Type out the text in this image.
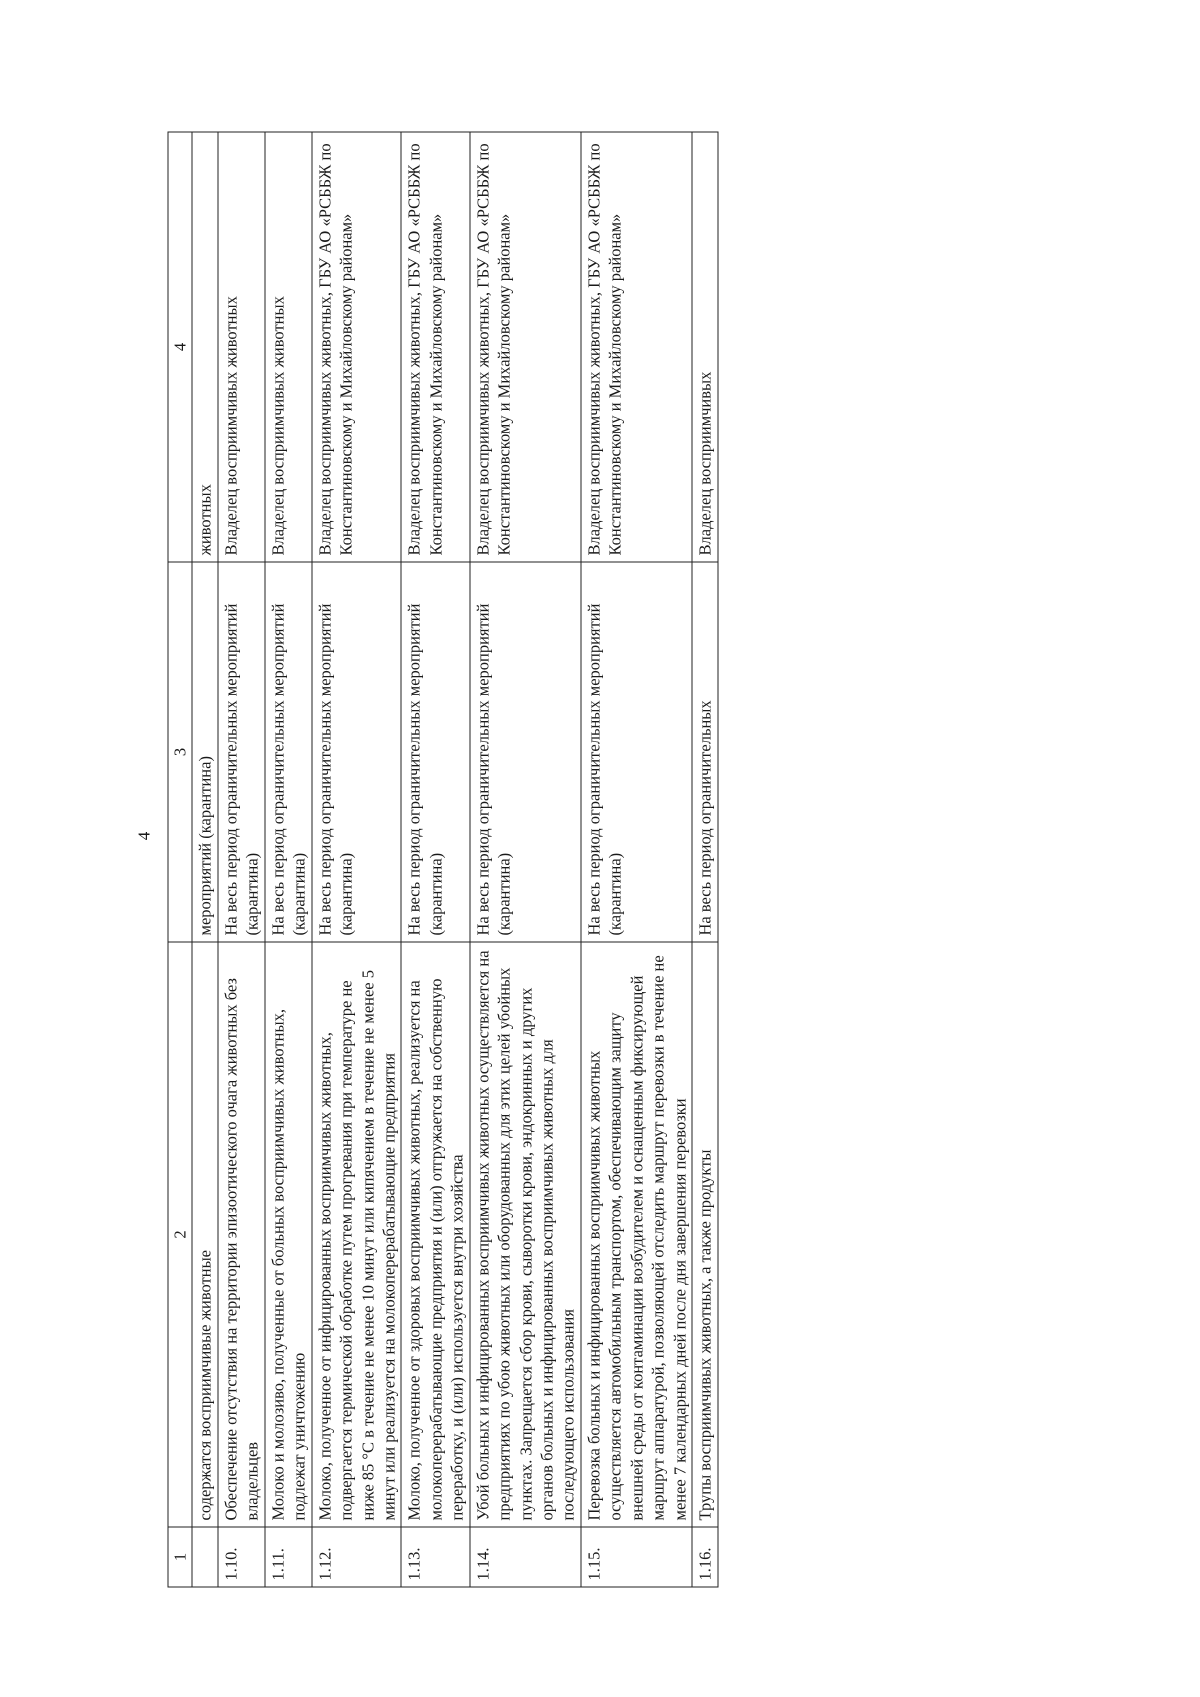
4
1	2	3	4
	содержатся восприимчивые животные	мероприятий (карантина)	животных
1.10.	Обеспечение отсутствия на территории эпизоотического очага животных без владельцев	На весь период ограничительных мероприятий (карантина)	Владелец восприимчивых животных
1.11.	Молоко и молозиво, полученные от больных восприимчивых животных, подлежат уничтожению	На весь период ограничительных мероприятий (карантина)	Владелец восприимчивых животных
1.12.	Молоко, полученное от инфицированных восприимчивых животных, подвергается термической обработке путем прогревания при температуре не ниже 85 °С в течение не менее 10 минут или кипячением в течение не менее 5 минут или реализуется на молокоперерабатывающие предприятия	На весь период ограничительных мероприятий (карантина)	Владелец восприимчивых животных, ГБУ АО «РСББЖ по Константиновскому и Михайловскому районам»
1.13.	Молоко, полученное от здоровых восприимчивых животных, реализуется на молокоперерабатывающие предприятия и (или) отгружается на собственную переработку, и (или) используется внутри хозяйства	На весь период ограничительных мероприятий (карантина)	Владелец восприимчивых животных, ГБУ АО «РСББЖ по Константиновскому и Михайловскому районам»
1.14.	Убой больных и инфицированных восприимчивых животных осуществляется на предприятиях по убою животных или оборудованных для этих целей убойных пунктах. Запрещается сбор крови, сыворотки крови, эндокринных и других органов больных и инфицированных восприимчивых животных для последующего использования	На весь период ограничительных мероприятий (карантина)	Владелец восприимчивых животных, ГБУ АО «РСББЖ по Константиновскому и Михайловскому районам»
1.15.	Перевозка больных и инфицированных восприимчивых животных осуществляется автомобильным транспортом, обеспечивающим защиту внешней среды от контаминации возбудителем и оснащенным фиксирующей маршрут аппаратурой, позволяющей отследить маршрут перевозки в течение не менее 7 календарных дней после дня завершения перевозки	На весь период ограничительных мероприятий (карантина)	Владелец восприимчивых животных, ГБУ АО «РСББЖ по Константиновскому и Михайловскому районам»
1.16.	Трупы восприимчивых животных, а также продукты	На весь период ограничительных	Владелец восприимчивых
